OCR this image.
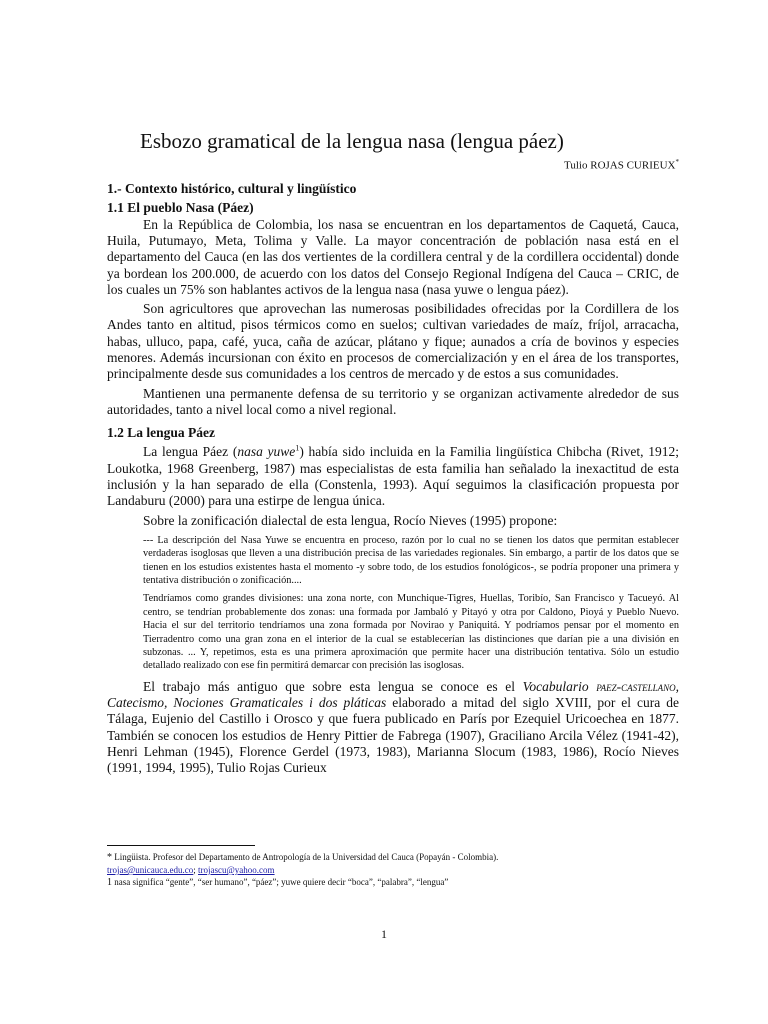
Esbozo gramatical de la lengua nasa (lengua páez)
Tulio ROJAS CURIEUX*
1.- Contexto histórico, cultural y lingüístico
1.1 El pueblo Nasa (Páez)

En la República de Colombia, los nasa se encuentran en los departamentos de Caquetá, Cauca, Huila, Putumayo, Meta, Tolima y Valle. La mayor concentración de población nasa está en el departamento del Cauca (en las dos vertientes de la cordillera central y de la cordillera occidental) donde ya bordean los 200.000, de acuerdo con los datos del Consejo Regional Indígena del Cauca – CRIC, de los cuales un 75% son hablantes activos de la lengua nasa (nasa yuwe o lengua páez).

Son agricultores que aprovechan las numerosas posibilidades ofrecidas por la Cordillera de los Andes tanto en altitud, pisos térmicos como en suelos; cultivan variedades de maíz, fríjol, arracacha, habas, ulluco, papa, café, yuca, caña de azúcar, plátano y fique; aunados a cría de bovinos y especies menores. Además incursionan con éxito en procesos de comercialización y en el área de los transportes, principalmente desde sus comunidades a los centros de mercado y de estos a sus comunidades.

Mantienen una permanente defensa de su territorio y se organizan activamente alrededor de sus autoridades, tanto a nivel local como a nivel regional.

1.2 La lengua Páez

La lengua Páez (nasa yuwe$^1$) había sido incluida en la Familia lingüística Chibcha (Rivet, 1912; Loukotka, 1968 Greenberg, 1987) mas especialistas de esta familia han señalado la inexactitud de esta inclusión y la han separado de ella (Constenla, 1993). Aquí seguimos la clasificación propuesta por Landaburu (2000) para una estirpe de lengua única.

Sobre la zonificación dialectal de esta lengua, Rocío Nieves (1995) propone:
--- La descripción del Nasa Yuwe se encuentra en proceso, razón por lo cual no se tienen los datos que permitan establecer verdaderas isoglosas que lleven a una distribución precisa de las variedades regionales. Sin embargo, a partir de los datos que se tienen en los estudios existentes hasta el momento -y sobre todo, de los estudios fonológicos-, se podría proponer una primera y tentativa distribución o zonificación....
Tendríamos como grandes divisiones: una zona norte, con Munchique-Tigres, Huellas, Toribío, San Francisco y Tacueyó. Al centro, se tendrían probablemente dos zonas: una formada por Jambaló y Pitayó y otra por Caldono, Pioyá y Pueblo Nuevo. Hacia el sur del territorio tendríamos una zona formada por Novirao y Paniquitá. Y podríamos pensar por el momento en Tierradentro como una gran zona en el interior de la cual se establecerían las distinciones que darían pie a una división en subzonas. ... Y, repetimos, esta es una primera aproximación que permite hacer una distribución tentativa. Sólo un estudio detallado realizado con ese fin permitirá demarcar con precisión las isoglosas.

El trabajo más antiguo que sobre esta lengua se conoce es el Vocabulario paez-castellano, Catecismo, Nociones Gramaticales i dos pláticas elaborado a mitad del siglo XVIII, por el cura de Tálaga, Eujenio del Castillo i Orosco y que fuera publicado en París por Ezequiel Uricoechea en 1877. También se conocen los estudios de Henry Pittier de Fabrega (1907), Graciliano Arcila Vélez (1941-42), Henri Lehman (1945), Florence Gerdel (1973, 1983), Marianna Slocum (1983, 1986), Rocío Nieves (1991, 1994, 1995), Tulio Rojas Curieux

* Lingüista. Profesor del Departamento de Antropología de la Universidad del Cauca (Popayán - Colombia).
trojas@unicauca.edu.co; trojascu@yahoo.com
1 nasa significa “gente”, “ser humano”, “páez”; yuwe quiere decir “boca”, “palabra”, “lengua”
1
